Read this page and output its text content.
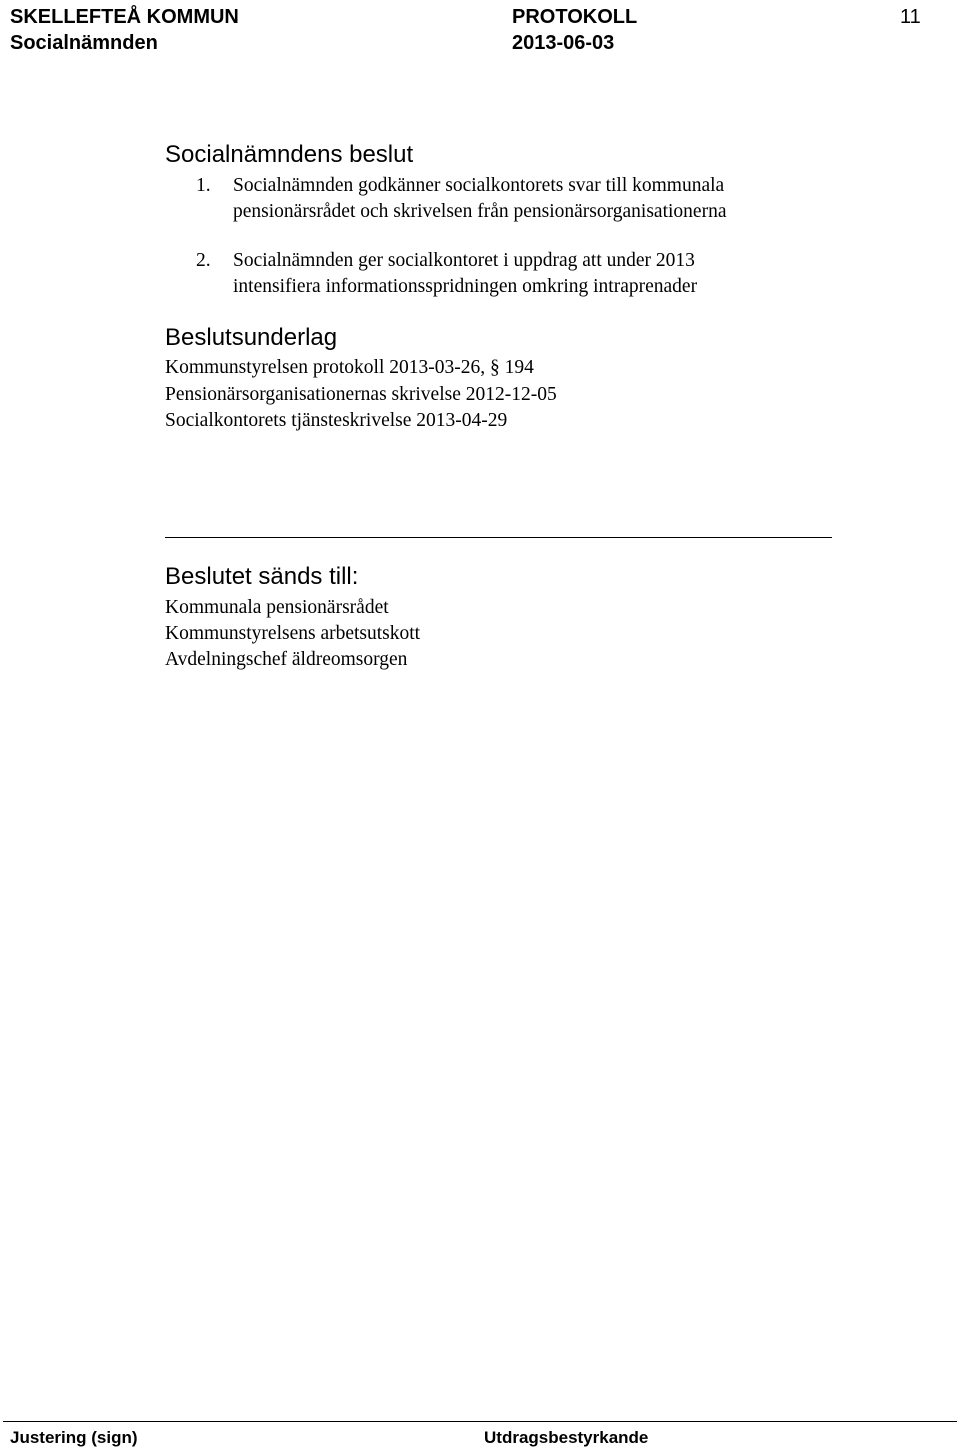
SKELLEFTEÅ KOMMUN	PROTOKOLL	11
Socialnämnden	2013-06-03
Socialnämndens beslut
1. Socialnämnden godkänner socialkontorets svar till kommunala
pensionärsrådet och skrivelsen från pensionärsorganisationerna
2. Socialnämnden ger socialkontoret i uppdrag att under 2013
intensifiera informationsspridningen omkring intraprenader
Beslutsunderlag
Kommunstyrelsen protokoll 2013-03-26, § 194
Pensionärsorganisationernas skrivelse 2012-12-05
Socialkontorets tjänsteskrivelse 2013-04-29
Beslutet sänds till:
Kommunala pensionärsrådet
Kommunstyrelsens arbetsutskott
Avdelningschef äldreomsorgen
Justering (sign)	Utdragsbestyrkande
